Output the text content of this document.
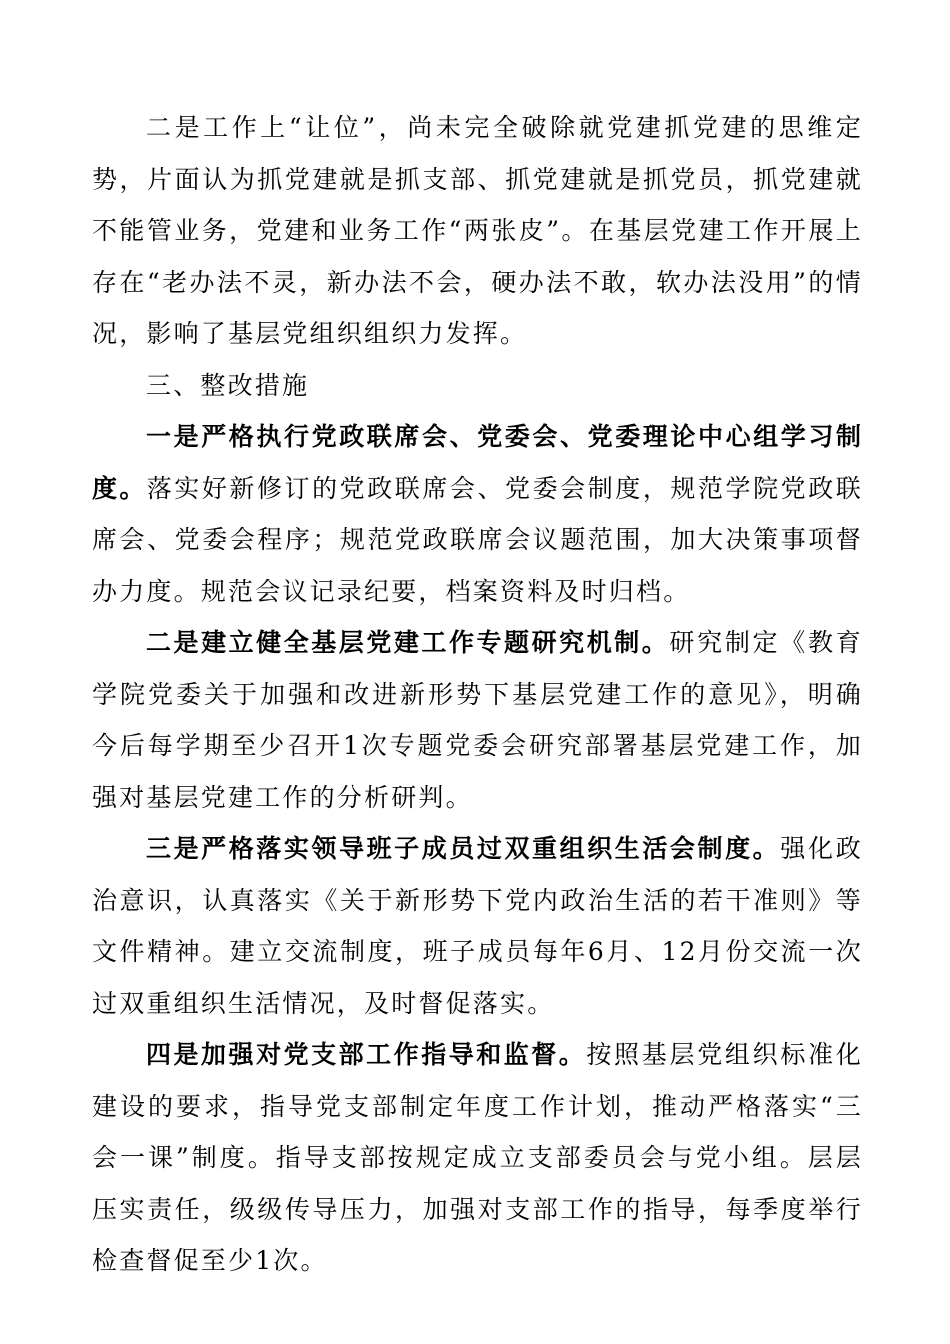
二是工作上“让位”，尚未完全破除就党建抓党建的思维定势，片面认为抓党建就是抓支部、抓党建就是抓党员，抓党建就不能管业务，党建和业务工作“两张皮”。在基层党建工作开展上存在“老办法不灵，新办法不会，硬办法不敢，软办法没用”的情况，影响了基层党组织组织力发挥。

三、整改措施

一是严格执行党政联席会、党委会、党委理论中心组学习制度。落实好新修订的党政联席会、党委会制度，规范学院党政联席会、党委会程序；规范党政联席会议题范围，加大决策事项督办力度。规范会议记录纪要，档案资料及时归档。

二是建立健全基层党建工作专题研究机制。研究制定《教育学院党委关于加强和改进新形势下基层党建工作的意见》，明确今后每学期至少召开1次专题党委会研究部署基层党建工作，加强对基层党建工作的分析研判。

三是严格落实领导班子成员过双重组织生活会制度。强化政治意识，认真落实《关于新形势下党内政治生活的若干准则》等文件精神。建立交流制度，班子成员每年6月、12月份交流一次过双重组织生活情况，及时督促落实。

四是加强对党支部工作指导和监督。按照基层党组织标准化建设的要求，指导党支部制定年度工作计划，推动严格落实“三会一课”制度。指导支部按规定成立支部委员会与党小组。层层压实责任，级级传导压力，加强对支部工作的指导，每季度举行检查督促至少1次。
